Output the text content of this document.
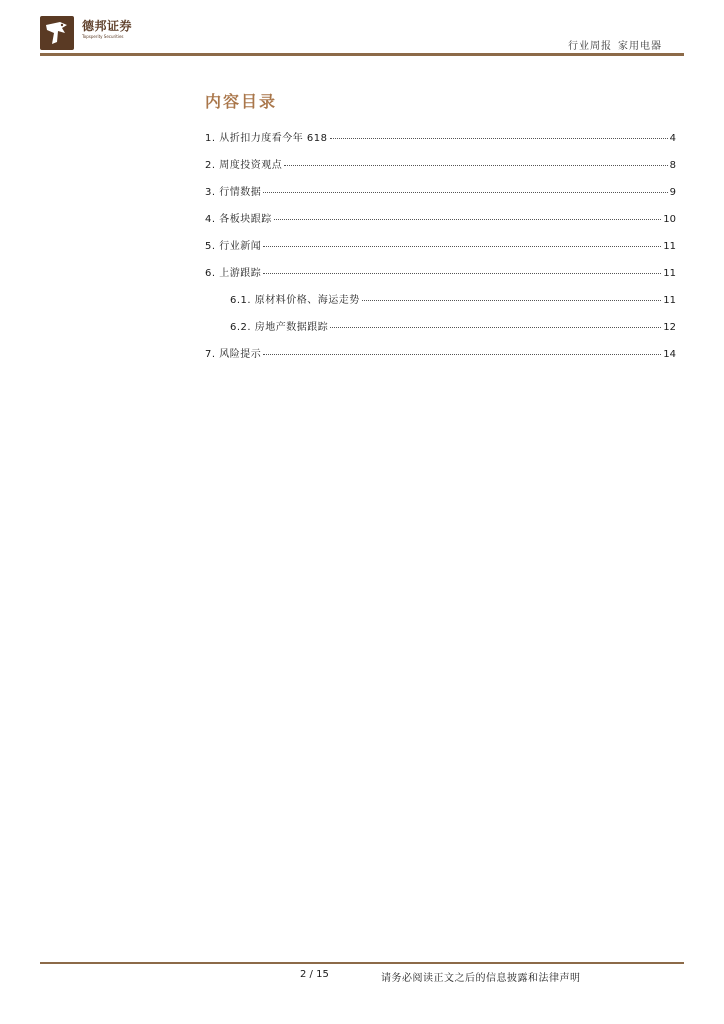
德邦证券
Topsperity Securities
行业周报 家用电器
内容目录
1. 从折扣力度看今年 618	4
2. 周度投资观点	8
3. 行情数据	9
4. 各板块跟踪	10
5. 行业新闻	11
6. 上游跟踪	11
6.1. 原材料价格、海运走势	11
6.2. 房地产数据跟踪	12
7. 风险提示	14
2 / 15	请务必阅读正文之后的信息披露和法律声明
